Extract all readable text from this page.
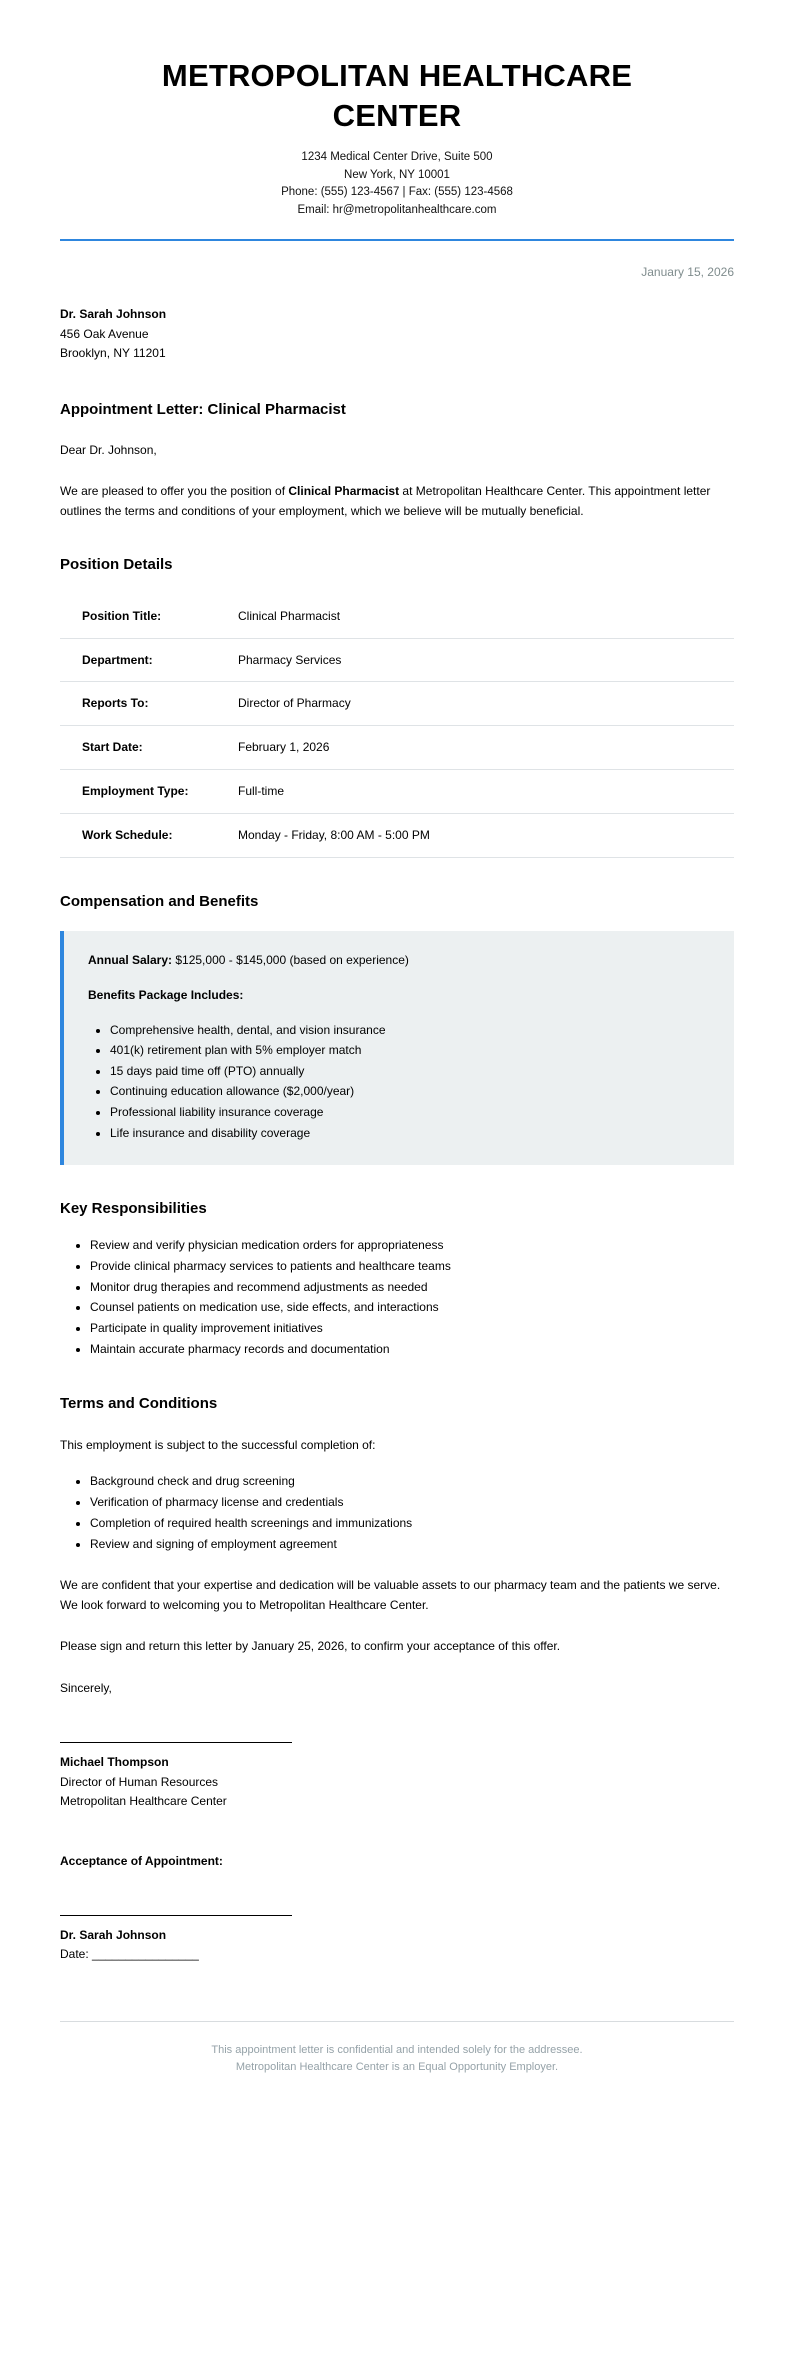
METROPOLITAN HEALTHCARE CENTER
1234 Medical Center Drive, Suite 500
New York, NY 10001
Phone: (555) 123-4567 | Fax: (555) 123-4568
Email: hr@metropolitanhealthcare.com
January 15, 2026
Dr. Sarah Johnson
456 Oak Avenue
Brooklyn, NY 11201
Appointment Letter: Clinical Pharmacist

Dear Dr. Johnson,

We are pleased to offer you the position of Clinical Pharmacist at Metropolitan Healthcare Center. This appointment letter outlines the terms and conditions of your employment, which we believe will be mutually beneficial.

Position Details
Position Title:	Clinical Pharmacist
Department:	Pharmacy Services
Reports To:	Director of Pharmacy
Start Date:	February 1, 2026
Employment Type:	Full-time
Work Schedule:	Monday - Friday, 8:00 AM - 5:00 PM
Compensation and Benefits
Annual Salary: $125,000 - $145,000 (based on experience)
Benefits Package Includes:
• Comprehensive health, dental, and vision insurance
• 401(k) retirement plan with 5% employer match
• 15 days paid time off (PTO) annually
• Continuing education allowance ($2,000/year)
• Professional liability insurance coverage
• Life insurance and disability coverage
Key Responsibilities
• Review and verify physician medication orders for appropriateness
• Provide clinical pharmacy services to patients and healthcare teams
• Monitor drug therapies and recommend adjustments as needed
• Counsel patients on medication use, side effects, and interactions
• Participate in quality improvement initiatives
• Maintain accurate pharmacy records and documentation
Terms and Conditions

This employment is subject to the successful completion of:

• Background check and drug screening
• Verification of pharmacy license and credentials
• Completion of required health screenings and immunizations
• Review and signing of employment agreement

We are confident that your expertise and dedication will be valuable assets to our pharmacy team and the patients we serve. We look forward to welcoming you to Metropolitan Healthcare Center.

Please sign and return this letter by January 25, 2026, to confirm your acceptance of this offer.

Sincerely,

Michael Thompson
Director of Human Resources
Metropolitan Healthcare Center
Acceptance of Appointment:
Dr. Sarah Johnson
Date: ________________
This appointment letter is confidential and intended solely for the addressee.
Metropolitan Healthcare Center is an Equal Opportunity Employer.
